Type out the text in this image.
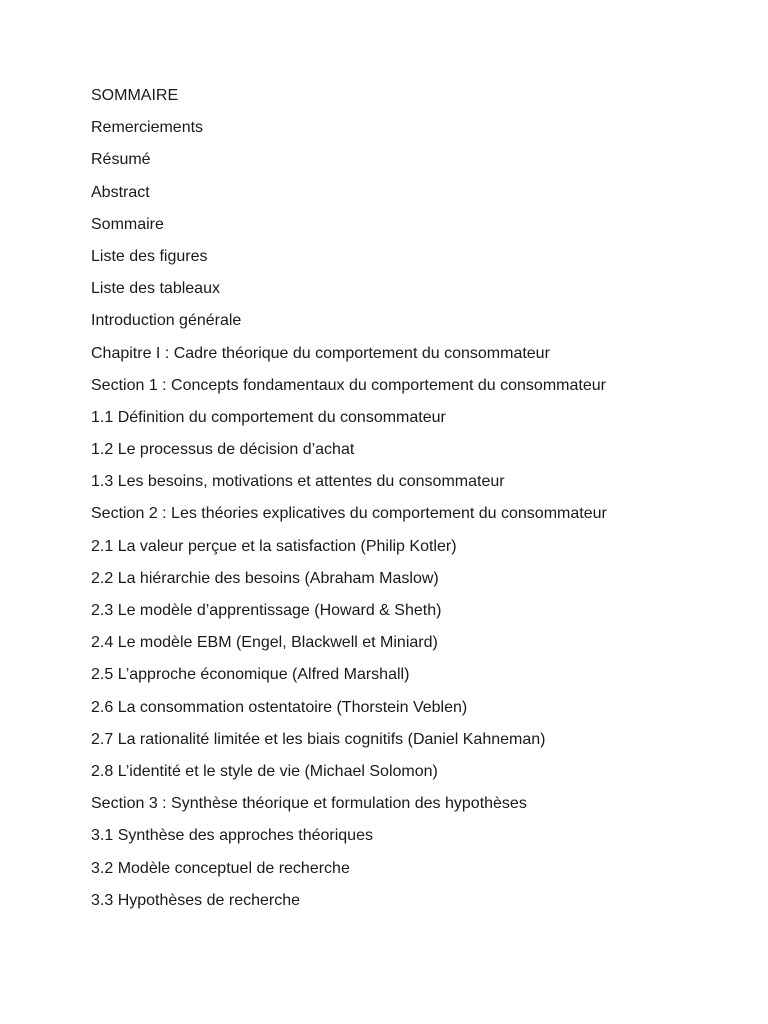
SOMMAIRE
Remerciements
Résumé
Abstract
Sommaire
Liste des figures
Liste des tableaux
Introduction générale
Chapitre I : Cadre théorique du comportement du consommateur
Section 1 : Concepts fondamentaux du comportement du consommateur
1.1 Définition du comportement du consommateur
1.2 Le processus de décision d’achat
1.3 Les besoins, motivations et attentes du consommateur
Section 2 : Les théories explicatives du comportement du consommateur
2.1 La valeur perçue et la satisfaction (Philip Kotler)
2.2 La hiérarchie des besoins (Abraham Maslow)
2.3 Le modèle d’apprentissage (Howard & Sheth)
2.4 Le modèle EBM (Engel, Blackwell et Miniard)
2.5 L’approche économique (Alfred Marshall)
2.6 La consommation ostentatoire (Thorstein Veblen)
2.7 La rationalité limitée et les biais cognitifs (Daniel Kahneman)
2.8 L’identité et le style de vie (Michael Solomon)
Section 3 : Synthèse théorique et formulation des hypothèses
3.1 Synthèse des approches théoriques
3.2 Modèle conceptuel de recherche
3.3 Hypothèses de recherche
